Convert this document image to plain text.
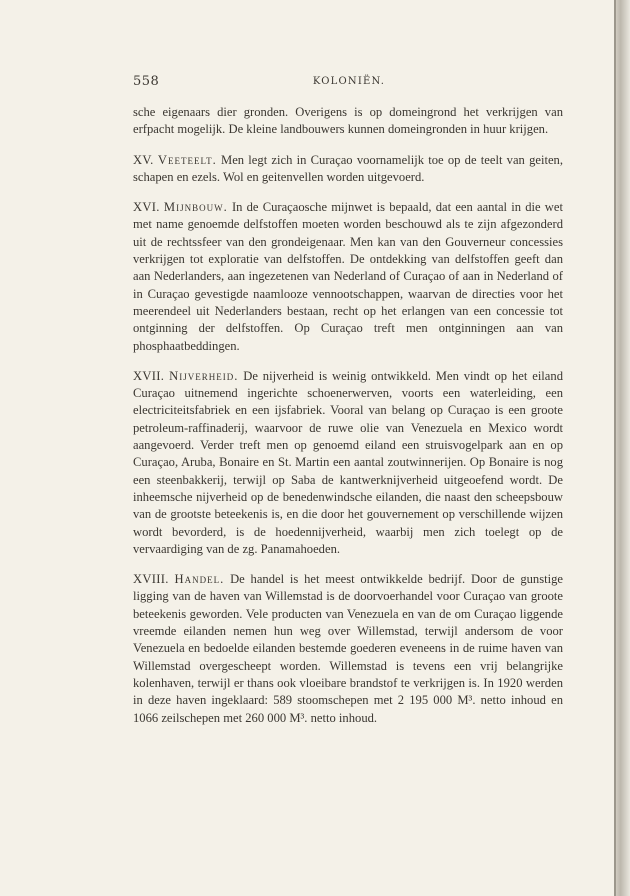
558	KOLONIËN.

sche eigenaars dier gronden. Overigens is op domeingrond het verkrijgen van erfpacht mogelijk. De kleine landbouwers kunnen domeingronden in huur krijgen.

XV. Veeteelt. Men legt zich in Curaçao voornamelijk toe op de teelt van geiten, schapen en ezels. Wol en geitenvellen worden uitgevoerd.

XVI. Mijnbouw. In de Curaçaosche mijnwet is bepaald, dat een aantal in die wet met name genoemde delfstoffen moeten worden beschouwd als te zijn afgezonderd uit de rechtssfeer van den grondeigenaar. Men kan van den Gouverneur concessies verkrijgen tot exploratie van delfstoffen. De ontdekking van delfstoffen geeft dan aan Nederlanders, aan ingezetenen van Nederland of Curaçao of aan in Nederland of in Curaçao gevestigde naamlooze vennootschappen, waarvan de directies voor het meerendeel uit Nederlanders bestaan, recht op het erlangen van een concessie tot ontginning der delfstoffen. Op Curaçao treft men ontginningen aan van phosphaatbeddingen.

XVII. Nijverheid. De nijverheid is weinig ontwikkeld. Men vindt op het eiland Curaçao uitnemend ingerichte schoenerwerven, voorts een waterleiding, een electriciteitsfabriek en een ijsfabriek. Vooral van belang op Curaçao is een groote petroleum-raffinaderij, waarvoor de ruwe olie van Venezuela en Mexico wordt aangevoerd. Verder treft men op genoemd eiland een struisvogelpark aan en op Curaçao, Aruba, Bonaire en St. Martin een aantal zoutwinnerijen. Op Bonaire is nog een steenbakkerij, terwijl op Saba de kantwerknijverheid uitgeoefend wordt. De inheemsche nijverheid op de benedenwindsche eilanden, die naast den scheepsbouw van de grootste beteekenis is, en die door het gouvernement op verschillende wijzen wordt bevorderd, is de hoedennijverheid, waarbij men zich toelegt op de vervaardiging van de zg. Panamahoeden.

XVIII. Handel. De handel is het meest ontwikkelde bedrijf. Door de gunstige ligging van de haven van Willemstad is de doorvoerhandel voor Curaçao van groote beteekenis geworden. Vele producten van Venezuela en van de om Curaçao liggende vreemde eilanden nemen hun weg over Willemstad, terwijl andersom de voor Venezuela en bedoelde eilanden bestemde goederen eveneens in de ruime haven van Willemstad overgescheept worden. Willemstad is tevens een vrij belangrijke kolenhaven, terwijl er thans ook vloeibare brandstof te verkrijgen is. In 1920 werden in deze haven ingeklaard: 589 stoomschepen met 2 195 000 M³. netto inhoud en 1066 zeilschepen met 260 000 M³. netto inhoud.
